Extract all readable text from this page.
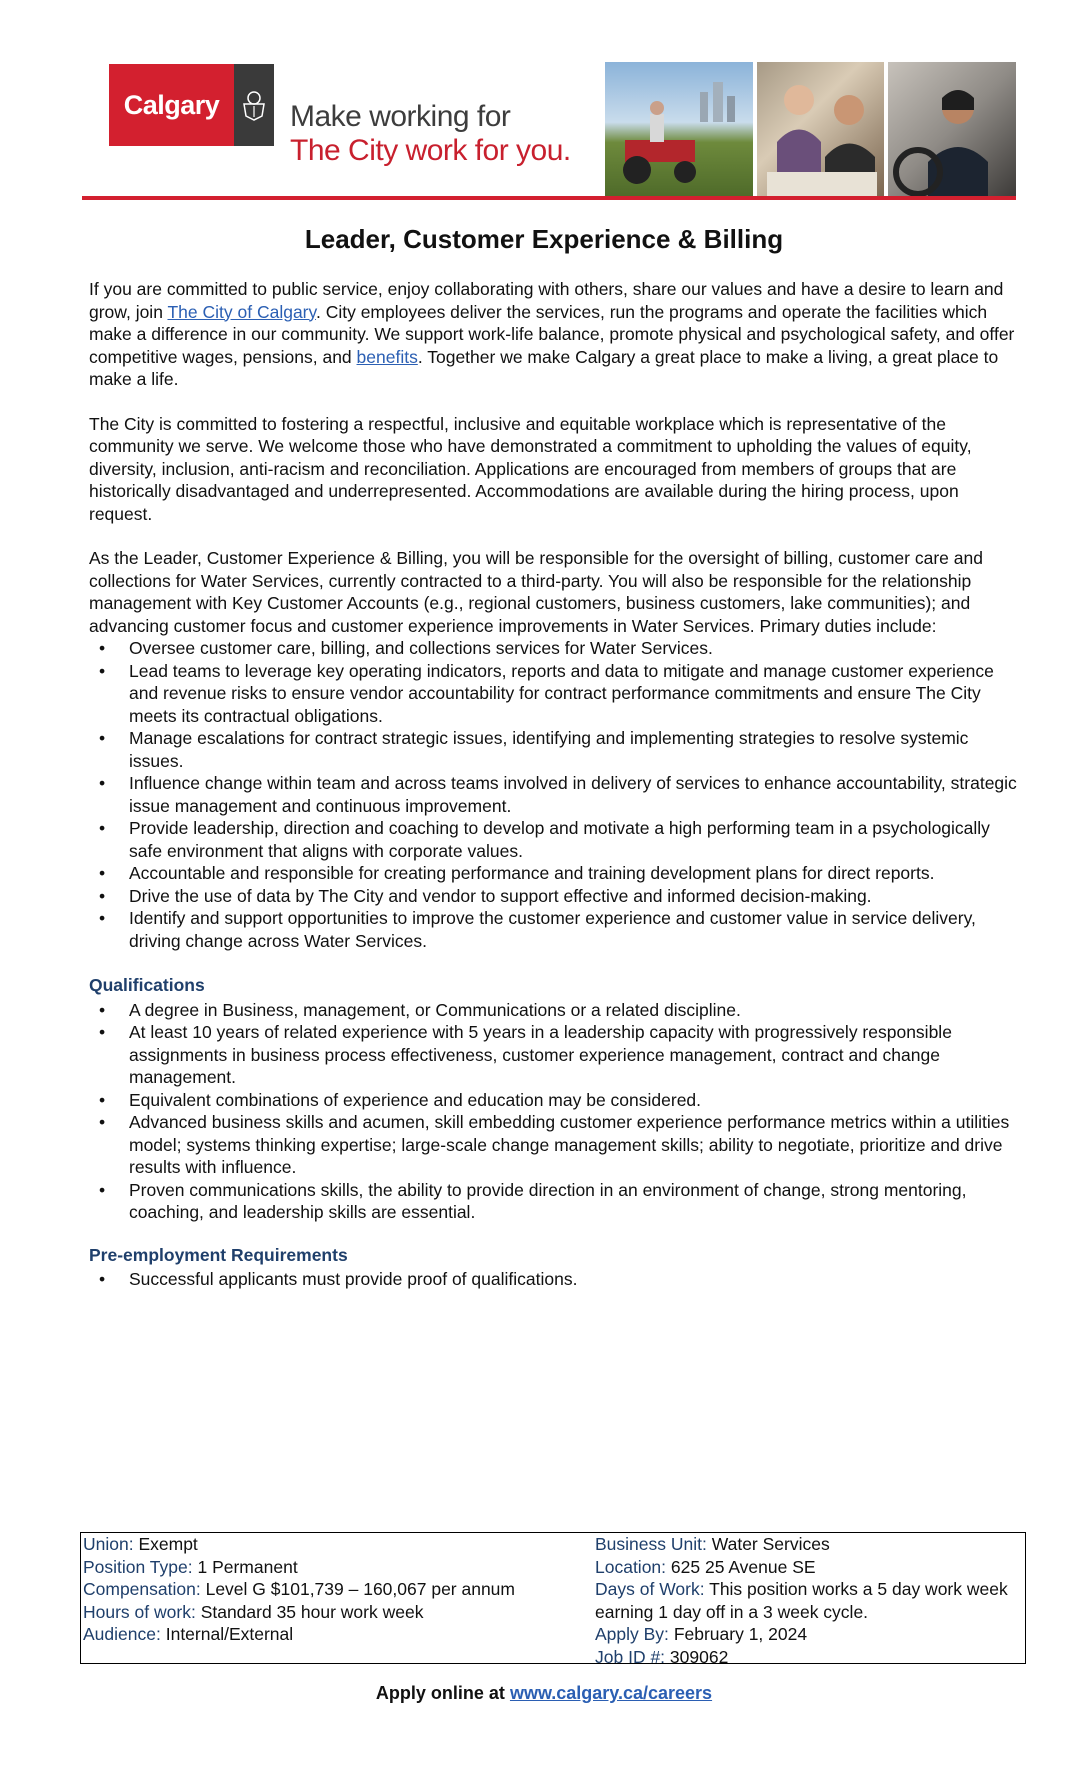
Calgary Make working for
The City work for you.
Leader, Customer Experience & Billing

If you are committed to public service, enjoy collaborating with others, share our values and have a desire to learn and grow, join The City of Calgary. City employees deliver the services, run the programs and operate the facilities which make a difference in our community. We support work-life balance, promote physical and psychological safety, and offer competitive wages, pensions, and benefits. Together we make Calgary a great place to make a living, a great place to make a life.

The City is committed to fostering a respectful, inclusive and equitable workplace which is representative of the community we serve. We welcome those who have demonstrated a commitment to upholding the values of equity, diversity, inclusion, anti-racism and reconciliation. Applications are encouraged from members of groups that are historically disadvantaged and underrepresented. Accommodations are available during the hiring process, upon request.

As the Leader, Customer Experience & Billing, you will be responsible for the oversight of billing, customer care and collections for Water Services, currently contracted to a third-party. You will also be responsible for the relationship management with Key Customer Accounts (e.g., regional customers, business customers, lake communities); and advancing customer focus and customer experience improvements in Water Services. Primary duties include:

• Oversee customer care, billing, and collections services for Water Services.
• Lead teams to leverage key operating indicators, reports and data to mitigate and manage customer experience and revenue risks to ensure vendor accountability for contract performance commitments and ensure The City meets its contractual obligations.
• Manage escalations for contract strategic issues, identifying and implementing strategies to resolve systemic issues.
• Influence change within team and across teams involved in delivery of services to enhance accountability, strategic issue management and continuous improvement.
• Provide leadership, direction and coaching to develop and motivate a high performing team in a psychologically safe environment that aligns with corporate values.
• Accountable and responsible for creating performance and training development plans for direct reports.
• Drive the use of data by The City and vendor to support effective and informed decision-making.
• Identify and support opportunities to improve the customer experience and customer value in service delivery, driving change across Water Services.
Qualifications
• A degree in Business, management, or Communications or a related discipline.
• At least 10 years of related experience with 5 years in a leadership capacity with progressively responsible assignments in business process effectiveness, customer experience management, contract and change management.
• Equivalent combinations of experience and education may be considered.
• Advanced business skills and acumen, skill embedding customer experience performance metrics within a utilities model; systems thinking expertise; large-scale change management skills; ability to negotiate, prioritize and drive results with influence.
• Proven communications skills, the ability to provide direction in an environment of change, strong mentoring, coaching, and leadership skills are essential.
Pre-employment Requirements
• Successful applicants must provide proof of qualifications.
Union: Exempt
Position Type: 1 Permanent
Compensation: Level G $101,739 – 160,067 per annum
Hours of work: Standard 35 hour work week
Audience: Internal/External
Business Unit: Water Services
Location: 625 25 Avenue SE
Days of Work: This position works a 5 day work week earning 1 day off in a 3 week cycle.
Apply By: February 1, 2024
Job ID #: 309062
Apply online at www.calgary.ca/careers
